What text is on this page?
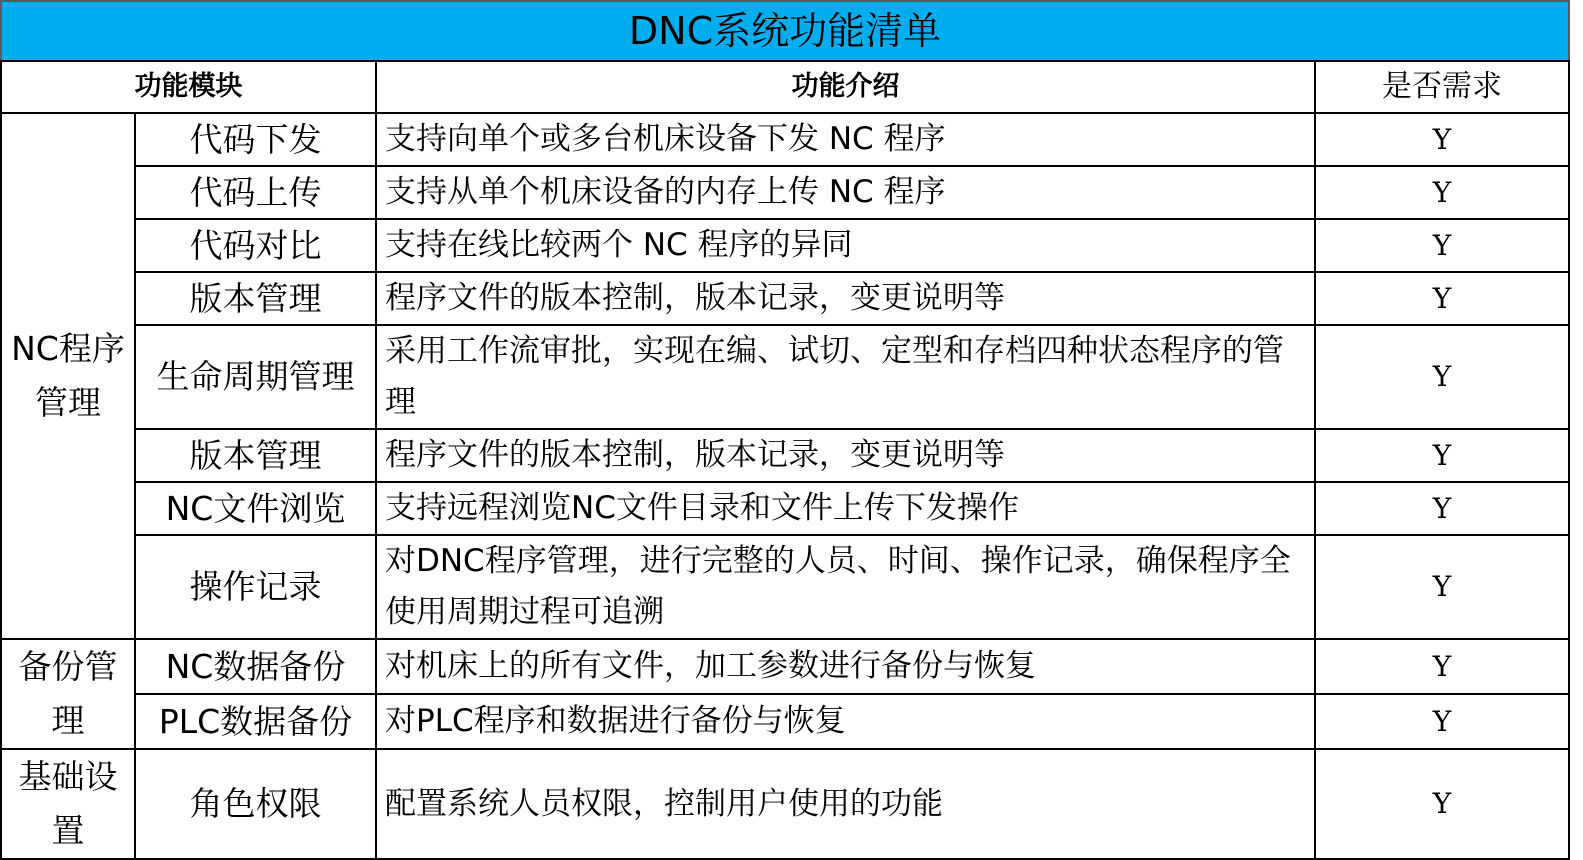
DNC系统功能清单			
功能模块		功能介绍	是否需求
NC程序管理	代码下发	支持向单个或多台机床设备下发 NC 程序	Y
	代码上传	支持从单个机床设备的内存上传 NC 程序	Y
	代码对比	支持在线比较两个 NC 程序的异同	Y
	版本管理	程序文件的版本控制，版本记录，变更说明等	Y
	生命周期管理	采用工作流审批，实现在编、试切、定型和存档四种状态程序的管理	Y
	版本管理	程序文件的版本控制，版本记录，变更说明等	Y
	NC文件浏览	支持远程浏览NC文件目录和文件上传下发操作	Y
	操作记录	对DNC程序管理，进行完整的人员、时间、操作记录，确保程序全使用周期过程可追溯	Y
备份管理	NC数据备份	对机床上的所有文件，加工参数进行备份与恢复	Y
	PLC数据备份	对PLC程序和数据进行备份与恢复	Y
基础设置	角色权限	配置系统人员权限，控制用户使用的功能	Y
